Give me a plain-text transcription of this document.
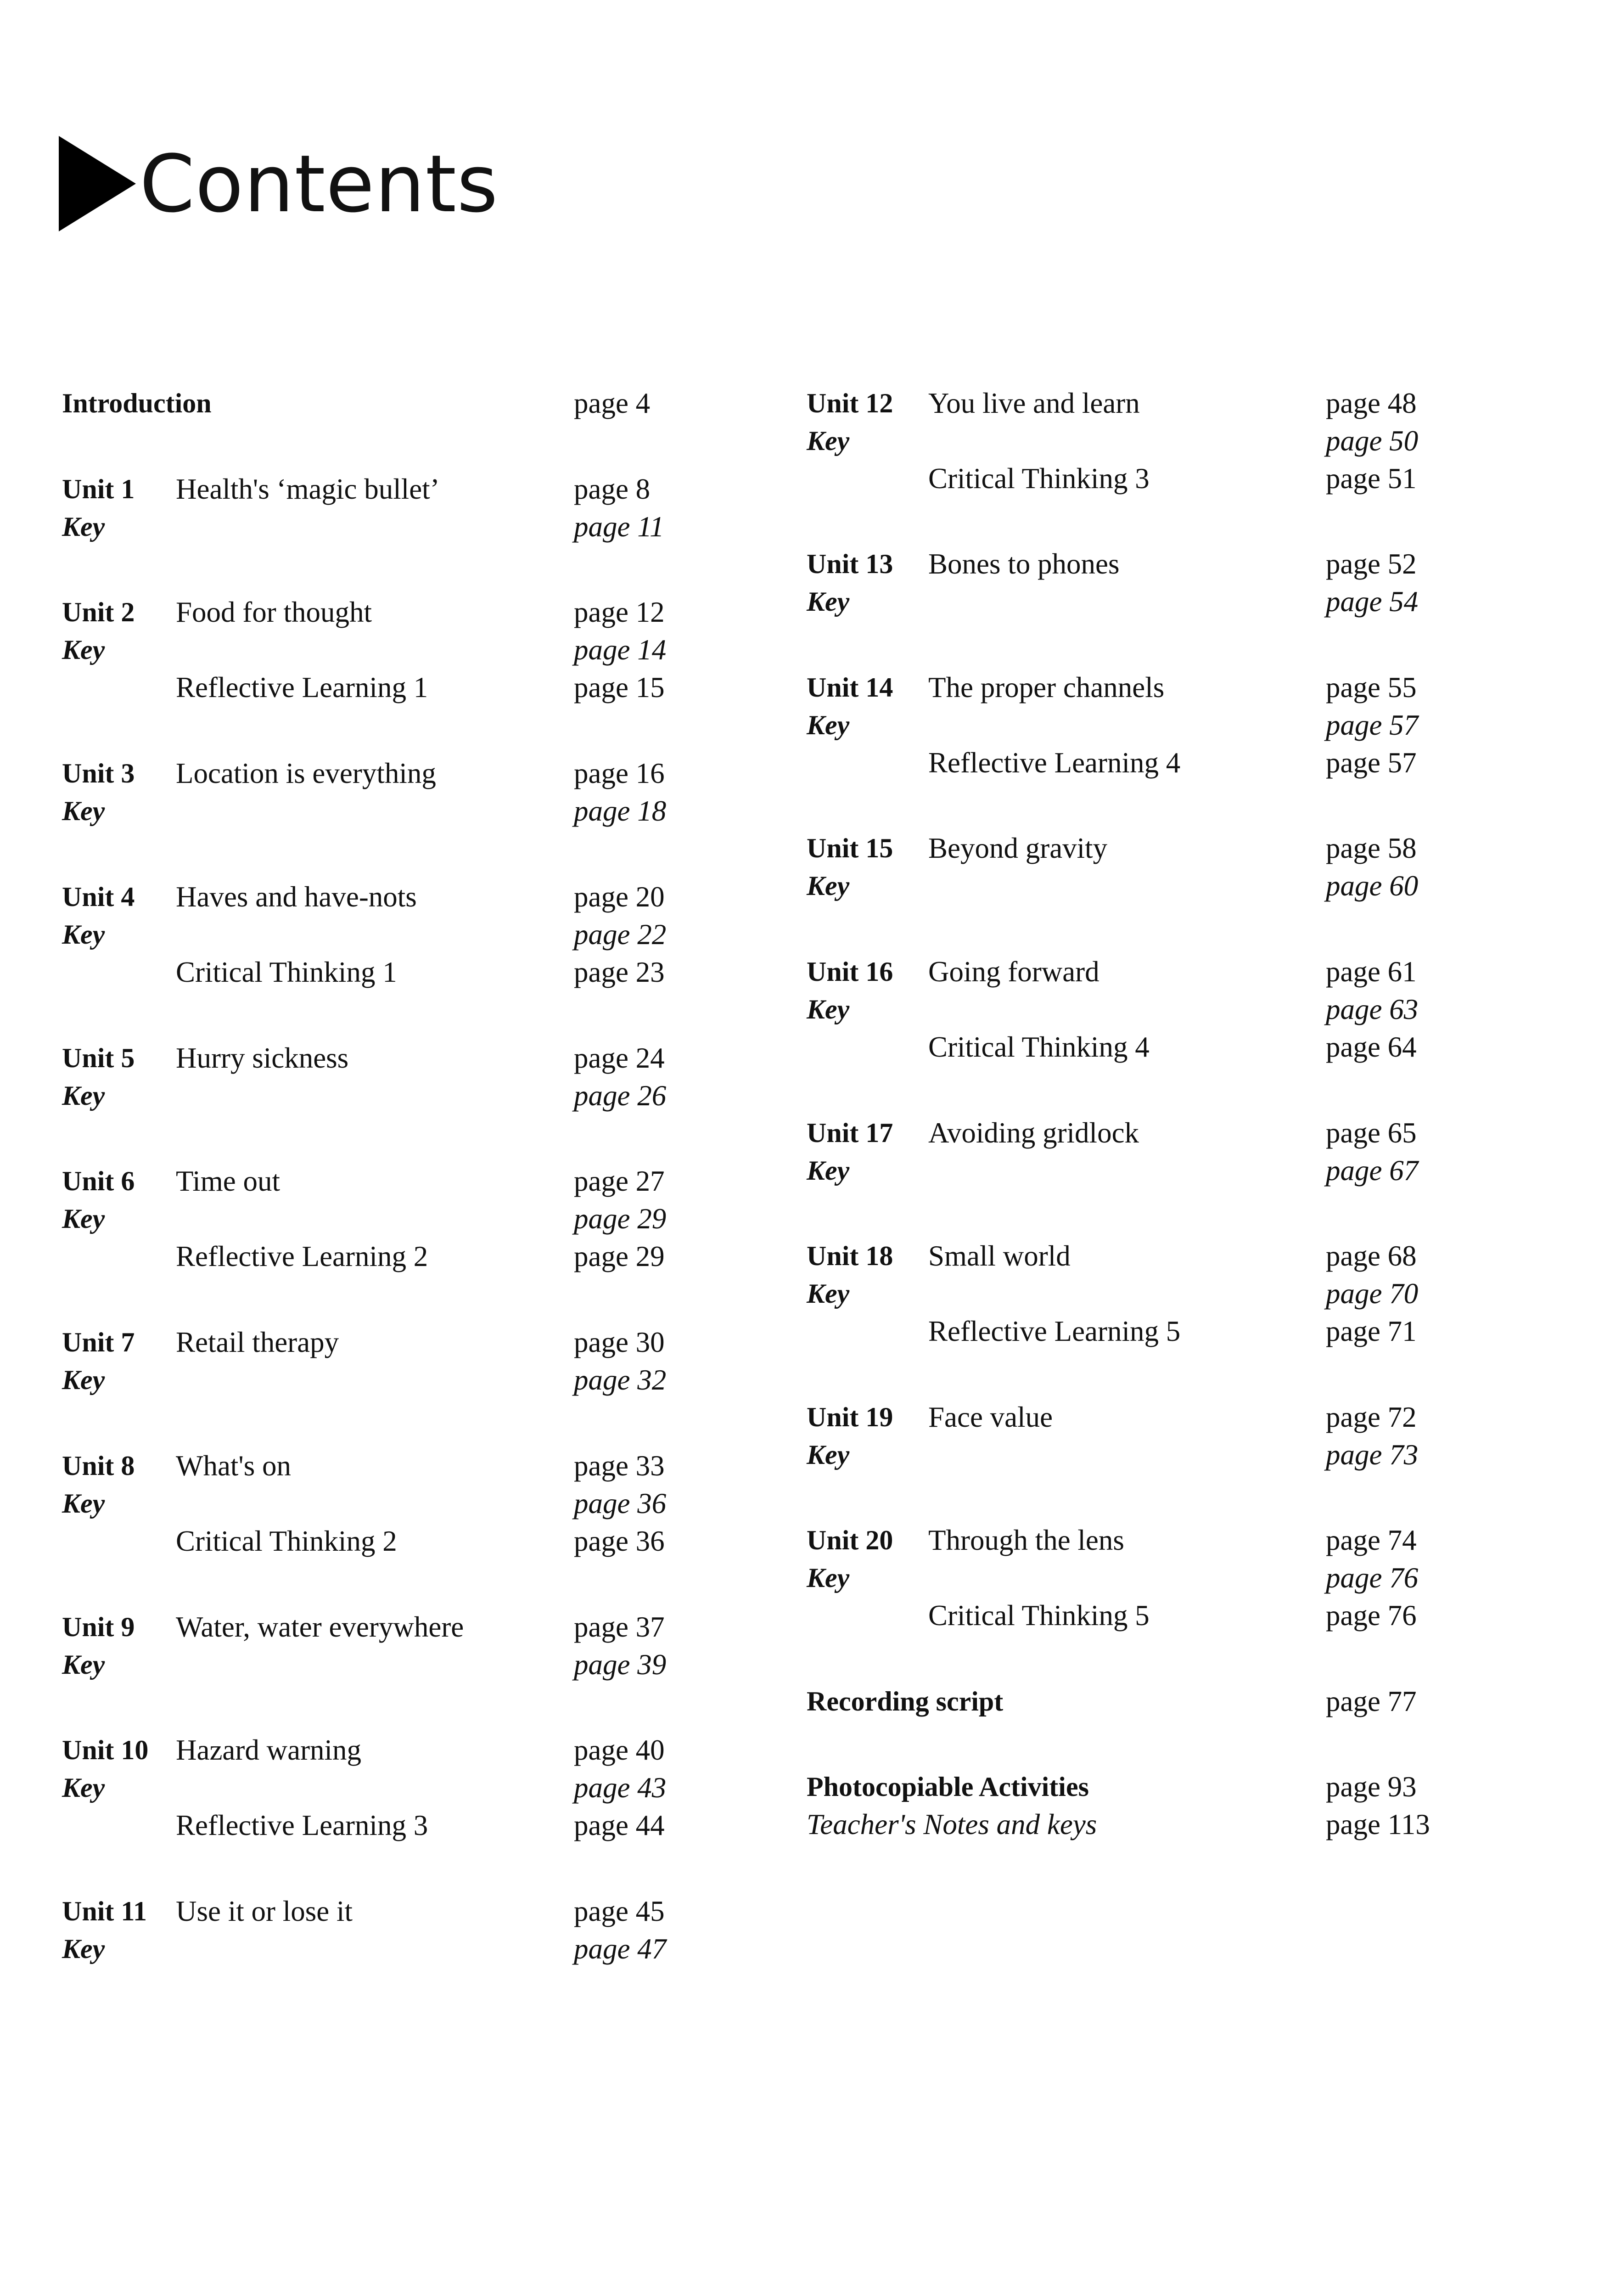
Contents
Introduction	page 4
Unit 1 Health's ‘magic bullet’	page 8
Key	page 11
Unit 2 Food for thought	page 12
Key	page 14
Reflective Learning 1	page 15
Unit 3 Location is everything	page 16
Key	page 18
Unit 4 Haves and have-nots	page 20
Key	page 22
Critical Thinking 1	page 23
Unit 5 Hurry sickness	page 24
Key	page 26
Unit 6 Time out	page 27
Key	page 29
Reflective Learning 2	page 29
Unit 7 Retail therapy	page 30
Key	page 32
Unit 8 What's on	page 33
Key	page 36
Critical Thinking 2	page 36
Unit 9 Water, water everywhere	page 37
Key	page 39
Unit 10 Hazard warning	page 40
Key	page 43
Reflective Learning 3	page 44
Unit 11 Use it or lose it	page 45
Key	page 47
Unit 12 You live and learn	page 48
Key	page 50
Critical Thinking 3	page 51
Unit 13 Bones to phones	page 52
Key	page 54
Unit 14 The proper channels	page 55
Key	page 57
Reflective Learning 4	page 57
Unit 15 Beyond gravity	page 58
Key	page 60
Unit 16 Going forward	page 61
Key	page 63
Critical Thinking 4	page 64
Unit 17 Avoiding gridlock	page 65
Key	page 67
Unit 18 Small world	page 68
Key	page 70
Reflective Learning 5	page 71
Unit 19 Face value	page 72
Key	page 73
Unit 20 Through the lens	page 74
Key	page 76
Critical Thinking 5	page 76
Recording script	page 77
Photocopiable Activities	page 93
Teacher's Notes and keys	page 113
